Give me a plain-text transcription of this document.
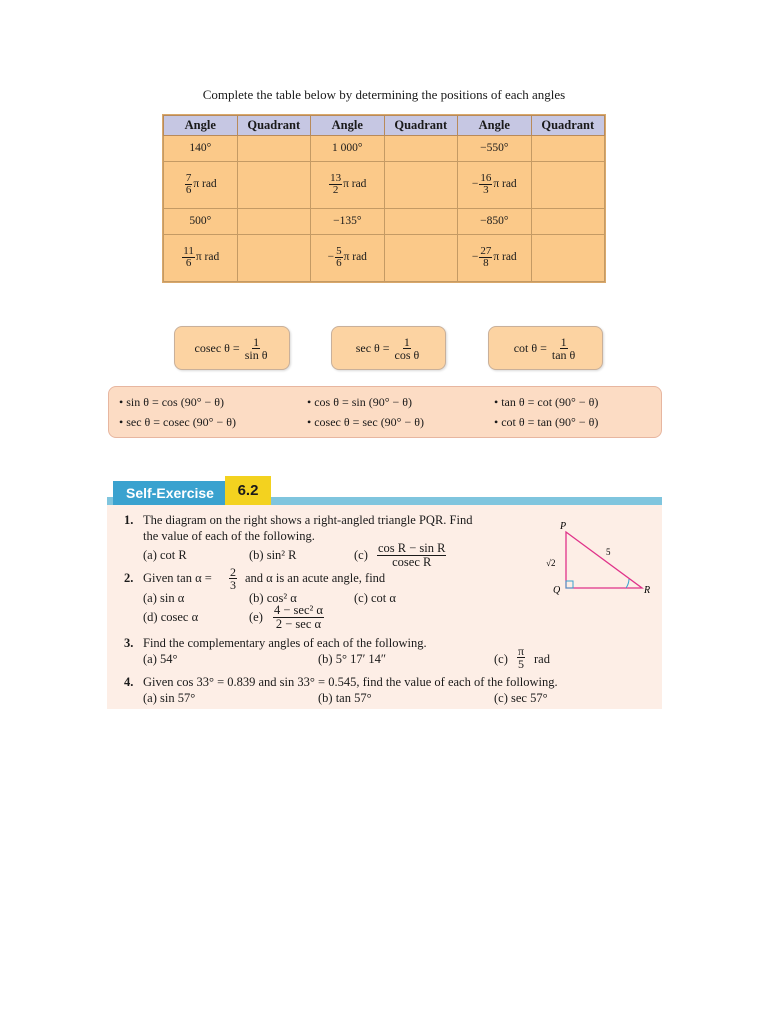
Complete the table below by determining the positions of each angles
Angle	Quadrant	Angle	Quadrant	Angle	Quadrant
140°		1 000°		−550°	

$\frac{7}{6}$ π rad		$\frac{13}{2}$ π rad		− $\frac{16}{3}$ π rad	
500°		−135°		−850°	

$\frac{11}{6}$ π rad		− $\frac{5}{6}$ π rad		− $\frac{27}{8}$ π rad	
cosec $\theta = \frac{1}{\text{sin θ}}$	$\sec \theta = \frac{1}{\text{cos θ}}$	$\cot \theta = \frac{1}{\text{tan θ}}$
• sin θ = cos (90° − θ)
• sec θ = cosec (90° − θ)
• cos θ = sin (90° − θ)
• cosec θ = sec (90° − θ)
• tan θ = cot (90° − θ)
• cot θ = tan (90° − θ)
Self-Exercise	6.2
1. The diagram on the right shows a right-angled triangle PQR. Find
the value of each of the following.
(a) cot R	(b) sin² R	$(c) \frac{\text{cos R − sin R}}{\text{cosec R}}$
2. Given $\tan \alpha = \frac{2}{3}$ and α is an acute angle, find
(a) sin α	(b) cos² α	(c) cot α
(d) cosec α	(e) 4 − sec² α
2 − sec α
3. Find the complementary angles of each of the following.
(a) 54°	(b) 5° 17′ 14″	$(c) \frac{\pi}{5}$ rad
4. Given cos 33° = 0.839 and sin 33° = 0.545, find the value of each of the following.
(a) sin 57°	(b) tan 57°	(c) sec 57°
P
Q	R
5
√2
